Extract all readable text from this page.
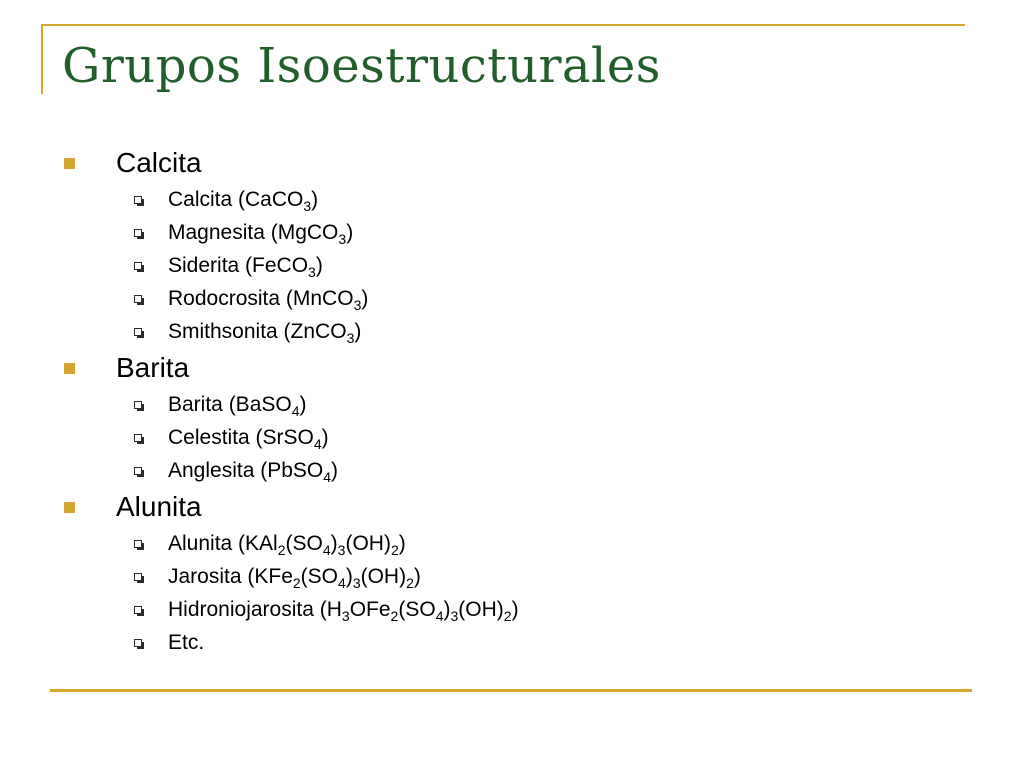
Grupos Isoestructurales
Calcita
Calcita (CaCO$_3$)
Magnesita (MgCO$_3$)
Siderita (FeCO$_3$)
Rodocrosita (MnCO$_3$)
Smithsonita (ZnCO$_3$)
Barita
Barita (BaSO$_4$)
Celestita (SrSO$_4$)
Anglesita (PbSO$_4$)
Alunita
Alunita $(KAl_2(SO_4)_3(OH)_2)$
Jarosita $(KFe_2(SO_4)_3(OH)_2)$
Hidroniojarosita $(H_3OFe_2(SO_4)_3(OH)_2)$
Etc.
